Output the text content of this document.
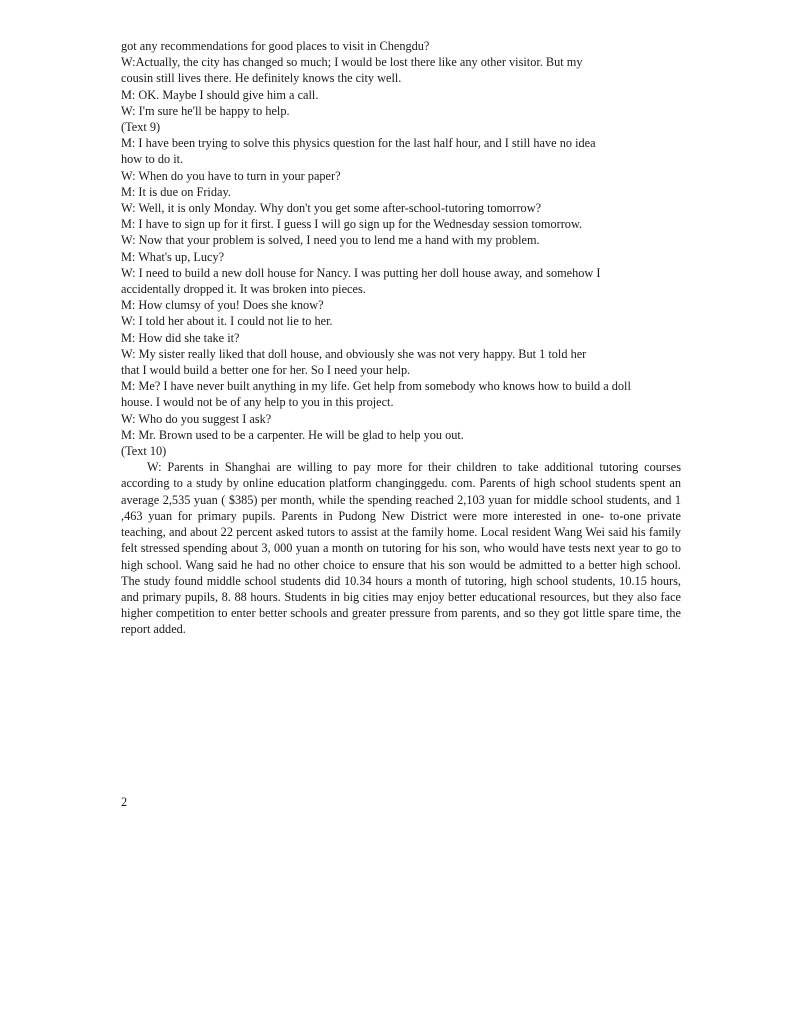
got any recommendations for good places to visit in Chengdu?
W:Actually, the city has changed so much; I would be lost there like any other visitor. But my
cousin still lives there. He definitely knows the city well.
M: OK. Maybe I should give him a call.
W: I'm sure he'll be happy to help.
(Text 9)
M: I have been trying to solve this physics question for the last half hour, and I still have no idea
how to do it.
W: When do you have to turn in your paper?
M: It is due on Friday.
W: Well, it is only Monday. Why don't you get some after-school-tutoring tomorrow?
M: I have to sign up for it first. I guess I will go sign up for the Wednesday session tomorrow.
W: Now that your problem is solved, I need you to lend me a hand with my problem.
M: What's up, Lucy?
W: I need to build a new doll house for Nancy. I was putting her doll house away, and somehow I
accidentally dropped it. It was broken into pieces.
M: How clumsy of you! Does she know?
W: I told her about it. I could not lie to her.
M: How did she take it?
W: My sister really liked that doll house, and obviously she was not very happy. But 1 told her
that I would build a better one for her. So I need your help.
M: Me? I have never built anything in my life. Get help from somebody who knows how to build a doll
house. I would not be of any help to you in this project.
W: Who do you suggest I ask?
M: Mr. Brown used to be a carpenter. He will be glad to help you out.
(Text 10)

W: Parents in Shanghai are willing to pay more for their children to take additional tutoring courses according to a study by online education platform changinggedu. com. Parents of high school students spent an average 2,535 yuan ( $385) per month, while the spending reached 2,103 yuan for middle school students, and 1 ,463 yuan for primary pupils. Parents in Pudong New District were more interested in one- to-one private teaching, and about 22 percent asked tutors to assist at the family home. Local resident Wang Wei said his family felt stressed spending about 3, 000 yuan a month on tutoring for his son, who would have tests next year to go to high school. Wang said he had no other choice to ensure that his son would be admitted to a better high school. The study found middle school students did 10.34 hours a month of tutoring, high school students, 10.15 hours, and primary pupils, 8. 88 hours. Students in big cities may enjoy better educational resources, but they also face higher competition to enter better schools and greater pressure from parents, and so they got little spare time, the report added.

2
